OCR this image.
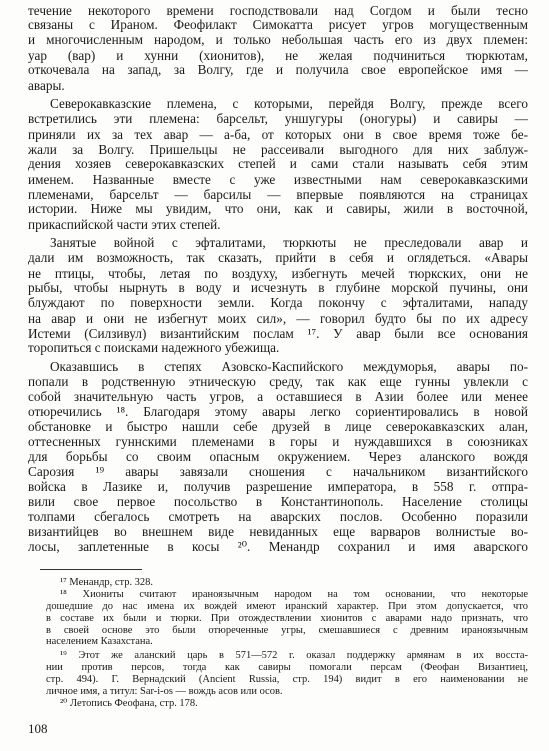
течение некоторого времени господствовали над Согдом и были тесно
связаны с Ираном. Феофилакт Симокатта рисует угров могущественным
и многочисленным народом, и только небольшая часть его из двух племен:
уар (вар) и хунни (хионитов), не желая подчиниться тюркютам,
откочевала на запад, за Волгу, где и получила свое европейское имя —
авары.
Северокавказские племена, с которыми, перейдя Волгу, прежде всего
встретились эти племена: барсельт, уншугуры (оногуры) и савиры —
приняли их за тех авар — а-ба, от которых они в свое время тоже бе-
жали за Волгу. Пришельцы не рассеивали выгодного для них заблуж-
дения хозяев северокавказских степей и сами стали называть себя этим
именем. Названные вместе с уже известными нам северокавказскими
племенами, барсельт — барсилы — впервые появляются на страницах
истории. Ниже мы увидим, что они, как и савиры, жили в восточной,
прикаспийской части этих степей.
Занятые войной с эфталитами, тюркюты не преследовали авар и
дали им возможность, так сказать, прийти в себя и оглядеться. «Авары
не птицы, чтобы, летая по воздуху, избегнуть мечей тюркских, они не
рыбы, чтобы нырнуть в воду и исчезнуть в глубине морской пучины, они
блуждают по поверхности земли. Когда покончу с эфталитами, нападу
на авар и они не избегнут моих сил», — говорил будто бы по их адресу
Истеми (Силзивул) византийским послам ¹⁷. У авар были все основания
торопиться с поисками надежного убежища.
Оказавшись в степях Азовско-Каспийского междуморья, авары по-
попали в родственную этническую среду, так как еще гунны увлекли с
собой значительную часть угров, а оставшиеся в Азии более или менее
отюречились ¹⁸. Благодаря этому авары легко сориентировались в новой
обстановке и быстро нашли себе друзей в лице северокавказских алан,
оттесненных гуннскими племенами в горы и нуждавшихся в союзниках
для борьбы со своим опасным окружением. Через аланского вождя
Сарозия ¹⁹ авары завязали сношения с начальником византийского
войска в Лазике и, получив разрешение императора, в 558 г. отпра-
вили свое первое посольство в Константинополь. Население столицы
толпами сбегалось смотреть на аварских послов. Особенно поразили
византийцев во внешнем виде невиданных еще варваров волнистые во-
лосы, заплетенные в косы ²⁰. Менандр сохранил и имя аварского
¹⁷ Менандр, стр. 328.
¹⁸ Хиониты считают ираноязычным народом на том основании, что некоторые
дошедшие до нас имена их вождей имеют иранский характер. При этом допускается, что
в составе их были и тюрки. При отождествлении хионитов с аварами надо признать, что
в своей основе это были отюреченные угры, смешавшиеся с древним ираноязычным
населением Казахстана.
¹⁹ Этот же аланский царь в 571—572 г. оказал поддержку армянам в их восста-
нии против персов, тогда как савиры помогали персам (Феофан Византиец,
стр. 494). Г. Вернадский (Ancient Russia, стр. 194) видит в его наименовании не
личное имя, а титул: Sar-i-os — вождь асов или осов.
²⁰ Летопись Феофана, стр. 178.
108
